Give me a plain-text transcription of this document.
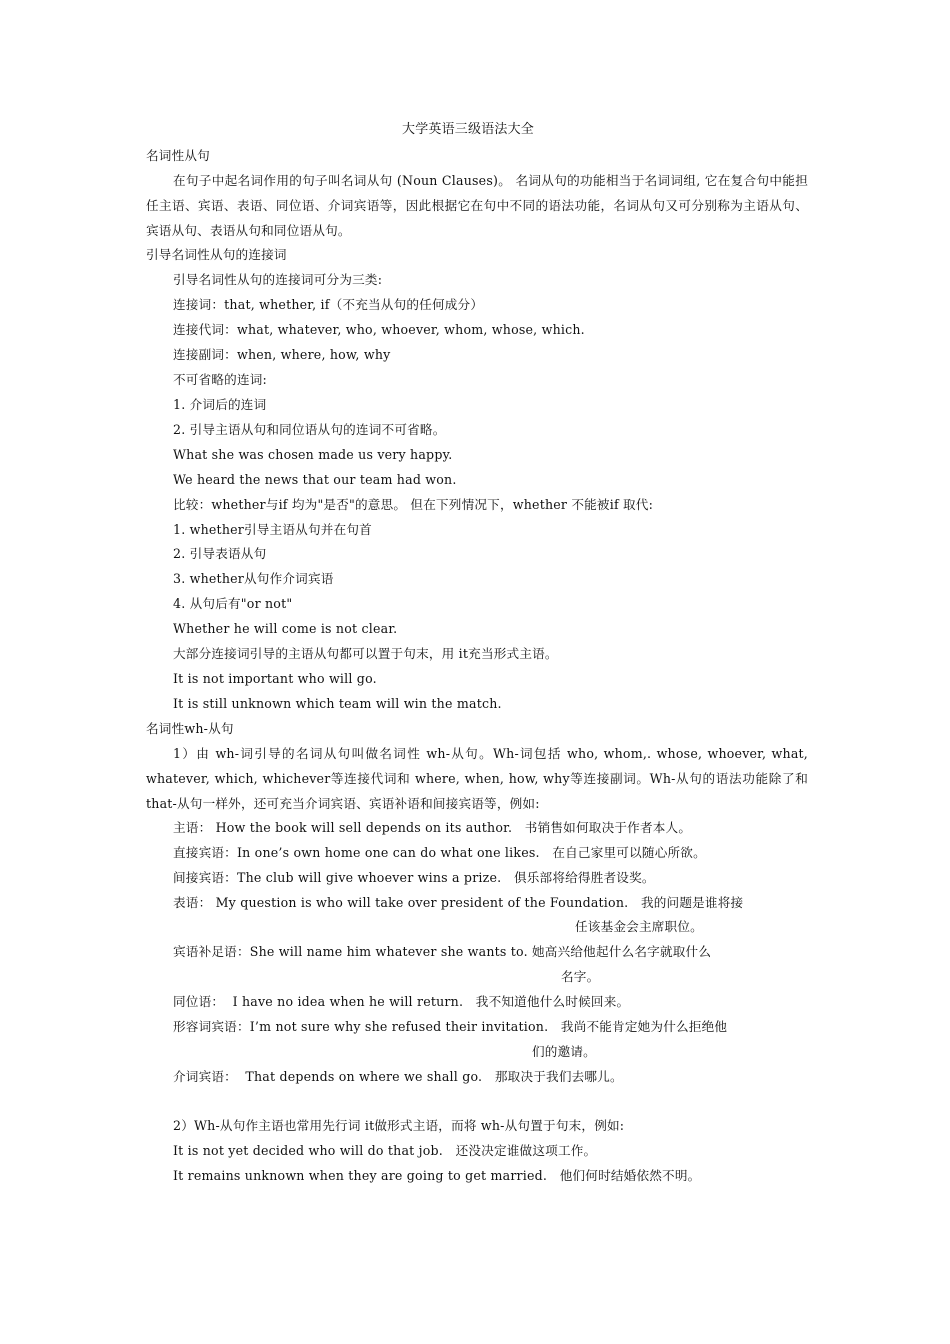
大学英语三级语法大全
名词性从句
在句子中起名词作用的句子叫名词从句 (Noun Clauses)。 名词从句的功能相当于名词词组, 它在复合句中能担任主语、宾语、表语、同位语、介词宾语等，因此根据它在句中不同的语法功能，名词从句又可分别称为主语从句、宾语从句、表语从句和同位语从句。
引导名词性从句的连接词
引导名词性从句的连接词可分为三类:
连接词：that, whether, if（不充当从句的任何成分）
连接代词：what, whatever, who, whoever, whom, whose, which.
连接副词：when, where, how, why
不可省略的连词:
1. 介词后的连词
2. 引导主语从句和同位语从句的连词不可省略。
What she was chosen made us very happy.
We heard the news that our team had won.
比较：whether与if 均为"是否"的意思。 但在下列情况下，whether 不能被if 取代:
1. whether引导主语从句并在句首
2. 引导表语从句
3. whether从句作介词宾语
4. 从句后有"or not"
Whether he will come is not clear.
大部分连接词引导的主语从句都可以置于句末，用 it充当形式主语。
It is not important who will go.
It is still unknown which team will win the match.
名词性wh-从句
1）由 wh-词引导的名词从句叫做名词性 wh-从句。Wh-词包括 who, whom,. whose, whoever, what, whatever, which, whichever等连接代词和 where, when, how, why等连接副词。Wh-从句的语法功能除了和 that-从句一样外，还可充当介词宾语、宾语补语和间接宾语等，例如:
主语： How the book will sell depends on its author.   书销售如何取决于作者本人。
直接宾语：In one’s own home one can do what one likes.   在自己家里可以随心所欲。
间接宾语：The club will give whoever wins a prize.   俱乐部将给得胜者设奖。
表语： My question is who will take over president of the Foundation.   我的问题是谁将接
任该基金会主席职位。
宾语补足语：She will name him whatever she wants to. 她高兴给他起什么名字就取什么
名字。
同位语：  I have no idea when he will return.   我不知道他什么时候回来。
形容词宾语：I’m not sure why she refused their invitation.   我尚不能肯定她为什么拒绝他
们的邀请。
介词宾语：  That depends on where we shall go.   那取决于我们去哪儿。
2）Wh-从句作主语也常用先行词 it做形式主语，而将 wh-从句置于句末，例如:
It is not yet decided who will do that job.   还没决定谁做这项工作。
It remains unknown when they are going to get married.   他们何时结婚依然不明。
